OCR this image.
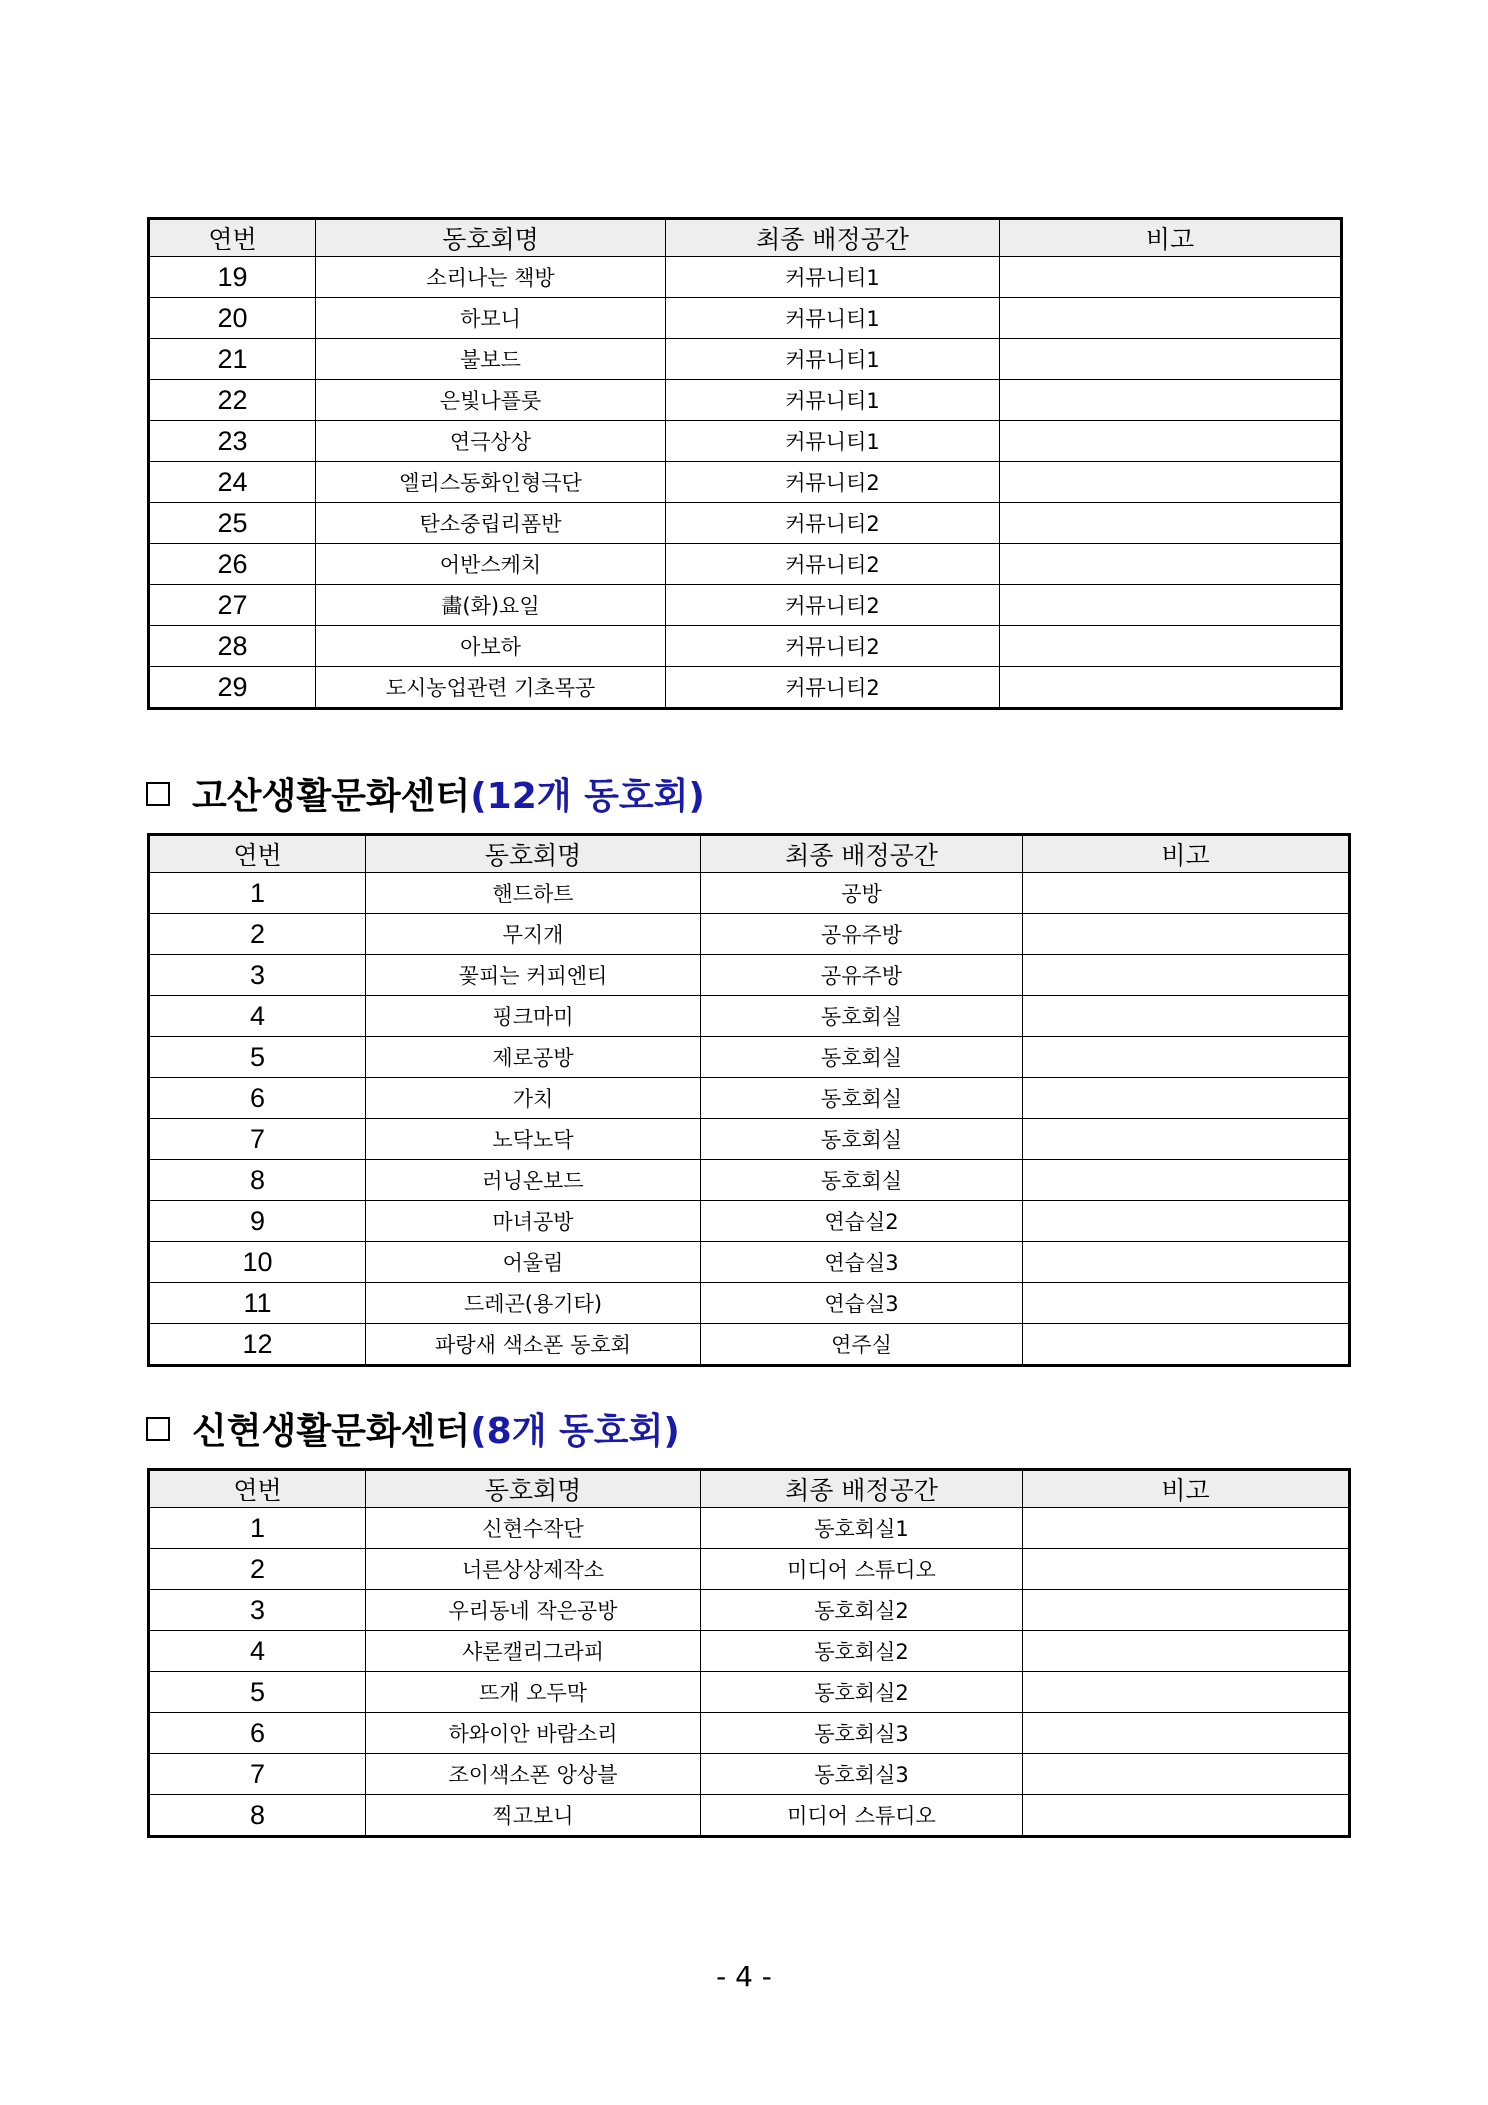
연번	동호회명	최종 배정공간	비고
19	소리나는 책방	커뮤니티1	
20	하모니	커뮤니티1	
21	불보드	커뮤니티1	
22	은빛나플룻	커뮤니티1	
23	연극상상	커뮤니티1	
24	엘리스동화인형극단	커뮤니티2	
25	탄소중립리폼반	커뮤니티2	
26	어반스케치	커뮤니티2	
27	畵(화)요일	커뮤니티2	
28	아보하	커뮤니티2	
29	도시농업관련 기초목공	커뮤니티2	
고산생활문화센터 (12개 동호회)
연번	동호회명	최종 배정공간	비고
1	핸드하트	공방	
2	무지개	공유주방	
3	꽃피는 커피엔티	공유주방	
4	핑크마미	동호회실	
5	제로공방	동호회실	
6	가치	동호회실	
7	노닥노닥	동호회실	
8	러닝온보드	동호회실	
9	마녀공방	연습실2	
10	어울림	연습실3	
11	드레곤(용기타)	연습실3	
12	파랑새 색소폰 동호회	연주실	
신현생활문화센터 (8개 동호회)
연번	동호회명	최종 배정공간	비고
1	신현수작단	동호회실1	
2	너른상상제작소	미디어 스튜디오	
3	우리동네 작은공방	동호회실2	
4	샤론캘리그라피	동호회실2	
5	뜨개 오두막	동호회실2	
6	하와이안 바람소리	동호회실3	
7	조이색소폰 앙상블	동호회실3	
8	찍고보니	미디어 스튜디오	
- 4 -
